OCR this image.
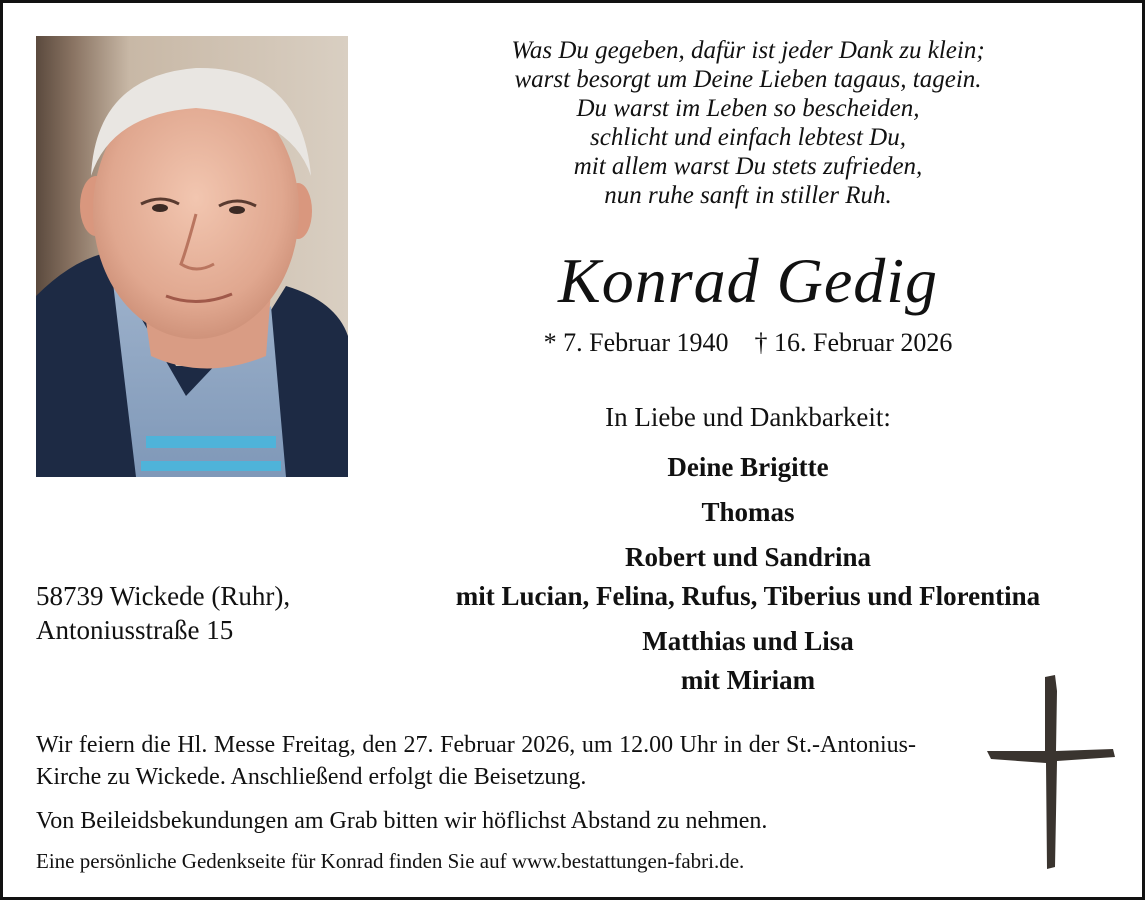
Was Du gegeben, dafür ist jeder Dank zu klein;
warst besorgt um Deine Lieben tagaus, tagein.
Du warst im Leben so bescheiden,
schlicht und einfach lebtest Du,
mit allem warst Du stets zufrieden,
nun ruhe sanft in stiller Ruh.
Konrad Gedig
* 7. Februar 1940 † 16. Februar 2026
In Liebe und Dankbarkeit:
Deine Brigitte
Thomas
Robert und Sandrina
mit Lucian, Felina, Rufus, Tiberius und Florentina
Matthias und Lisa
mit Miriam
58739 Wickede (Ruhr),
Antoniusstraße 15
Wir feiern die Hl. Messe Freitag, den 27. Februar 2026, um 12.00 Uhr in der St.-Antonius-Kirche zu Wickede. Anschließend erfolgt die Beisetzung.
Von Beileidsbekundungen am Grab bitten wir höflichst Abstand zu nehmen.
Eine persönliche Gedenkseite für Konrad finden Sie auf www.bestattungen-fabri.de.
